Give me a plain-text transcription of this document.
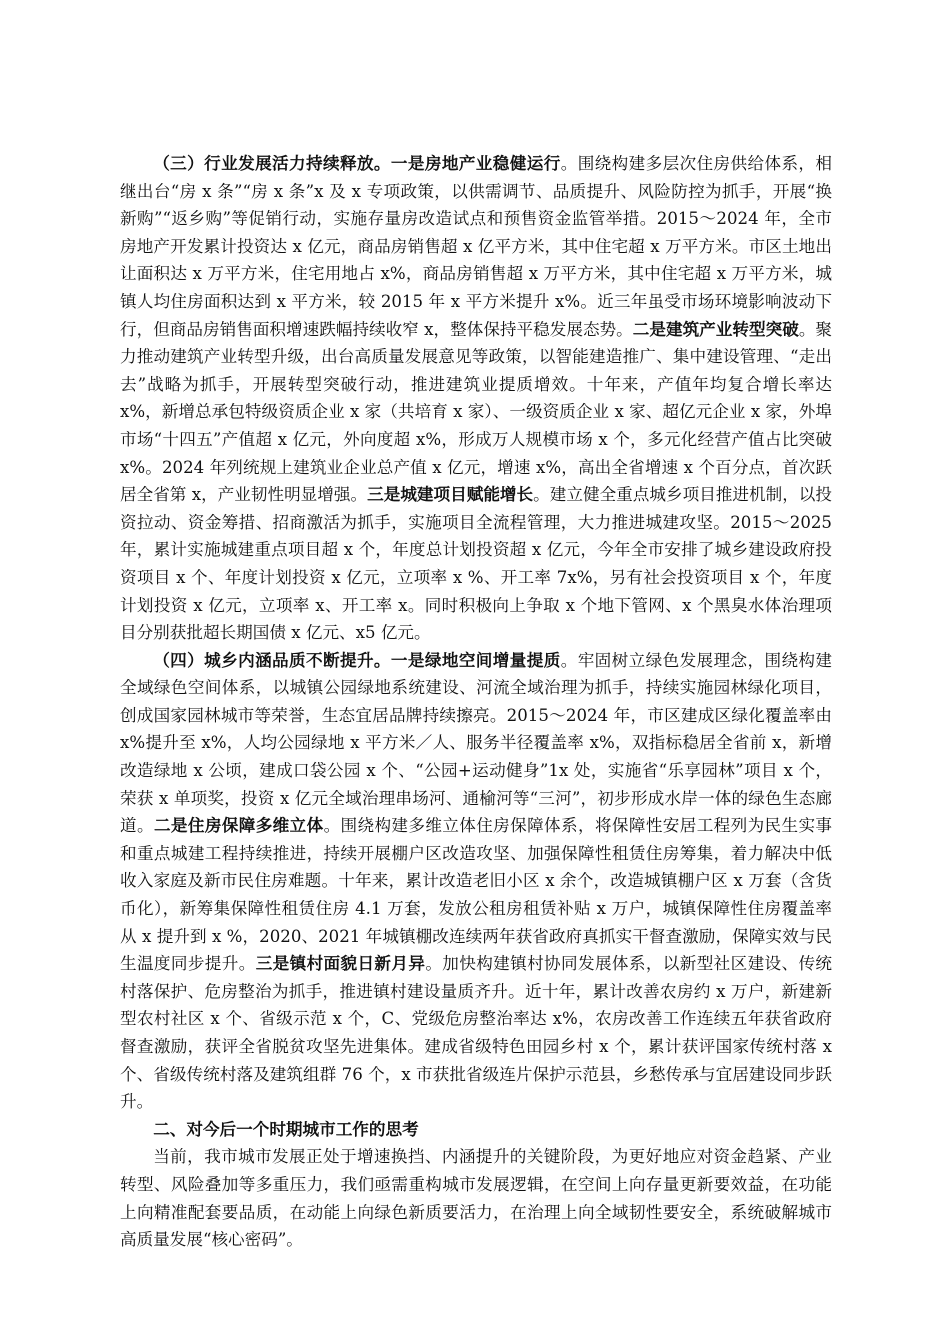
（三）行业发展活力持续释放。一是房地产业稳健运行。围绕构建多层次住房供给体系，相继出台“房 x 条”“房 x 条”x 及 x 专项政策，以供需调节、品质提升、风险防控为抓手，开展“换新购”“返乡购”等促销行动，实施存量房改造试点和预售资金监管举措。2015～2024 年，全市房地产开发累计投资达 x 亿元，商品房销售超 x 亿平方米，其中住宅超 x 万平方米。市区土地出让面积达 x 万平方米，住宅用地占 x%，商品房销售超 x 万平方米，其中住宅超 x 万平方米，城镇人均住房面积达到 x 平方米，较 2015 年 x 平方米提升 x%。近三年虽受市场环境影响波动下行，但商品房销售面积增速跌幅持续收窄 x，整体保持平稳发展态势。二是建筑产业转型突破。聚力推动建筑产业转型升级，出台高质量发展意见等政策，以智能建造推广、集中建设管理、“走出去”战略为抓手，开展转型突破行动，推进建筑业提质增效。十年来，产值年均复合增长率达 x%，新增总承包特级资质企业 x 家（共培育 x 家）、一级资质企业 x 家、超亿元企业 x 家，外埠市场“十四五”产值超 x 亿元，外向度超 x%，形成万人规模市场 x 个，多元化经营产值占比突破 x%。2024 年列统规上建筑业企业总产值 x 亿元，增速 x%，高出全省增速 x 个百分点，首次跃居全省第 x，产业韧性明显增强。三是城建项目赋能增长。建立健全重点城乡项目推进机制，以投资拉动、资金筹措、招商激活为抓手，实施项目全流程管理，大力推进城建攻坚。2015～2025 年，累计实施城建重点项目超 x 个，年度总计划投资超 x 亿元，今年全市安排了城乡建设政府投资项目 x 个、年度计划投资 x 亿元，立项率 x %、开工率 7x%，另有社会投资项目 x 个，年度计划投资 x 亿元，立项率 x、开工率 x。同时积极向上争取 x 个地下管网、x 个黑臭水体治理项目分别获批超长期国债 x 亿元、x5 亿元。

（四）城乡内涵品质不断提升。一是绿地空间增量提质。牢固树立绿色发展理念，围绕构建全域绿色空间体系，以城镇公园绿地系统建设、河流全域治理为抓手，持续实施园林绿化项目，创成国家园林城市等荣誉，生态宜居品牌持续擦亮。2015～2024 年，市区建成区绿化覆盖率由 x%提升至 x%，人均公园绿地 x 平方米／人、服务半径覆盖率 x%，双指标稳居全省前 x，新增改造绿地 x 公顷，建成口袋公园 x 个、“公园+运动健身”1x 处，实施省“乐享园林”项目 x 个，荣获 x 单项奖，投资 x 亿元全域治理串场河、通榆河等“三河”，初步形成水岸一体的绿色生态廊道。二是住房保障多维立体。围绕构建多维立体住房保障体系，将保障性安居工程列为民生实事和重点城建工程持续推进，持续开展棚户区改造攻坚、加强保障性租赁住房筹集，着力解决中低收入家庭及新市民住房难题。十年来，累计改造老旧小区 x 余个，改造城镇棚户区 x 万套（含货币化），新筹集保障性租赁住房 4.1 万套，发放公租房租赁补贴 x 万户，城镇保障性住房覆盖率从 x 提升到 x %，2020、2021 年城镇棚改连续两年获省政府真抓实干督查激励，保障实效与民生温度同步提升。三是镇村面貌日新月异。加快构建镇村协同发展体系，以新型社区建设、传统村落保护、危房整治为抓手，推进镇村建设量质齐升。近十年，累计改善农房约 x 万户，新建新型农村社区 x 个、省级示范 x 个，C、党级危房整治率达 x%，农房改善工作连续五年获省政府督查激励，获评全省脱贫攻坚先进集体。建成省级特色田园乡村 x 个，累计获评国家传统村落 x 个、省级传统村落及建筑组群 76 个，x 市获批省级连片保护示范县，乡愁传承与宜居建设同步跃升。

二、对今后一个时期城市工作的思考

当前，我市城市发展正处于增速换挡、内涵提升的关键阶段，为更好地应对资金趋紧、产业转型、风险叠加等多重压力，我们亟需重构城市发展逻辑，在空间上向存量更新要效益，在功能上向精准配套要品质，在动能上向绿色新质要活力，在治理上向全域韧性要安全，系统破解城市高质量发展“核心密码”。
